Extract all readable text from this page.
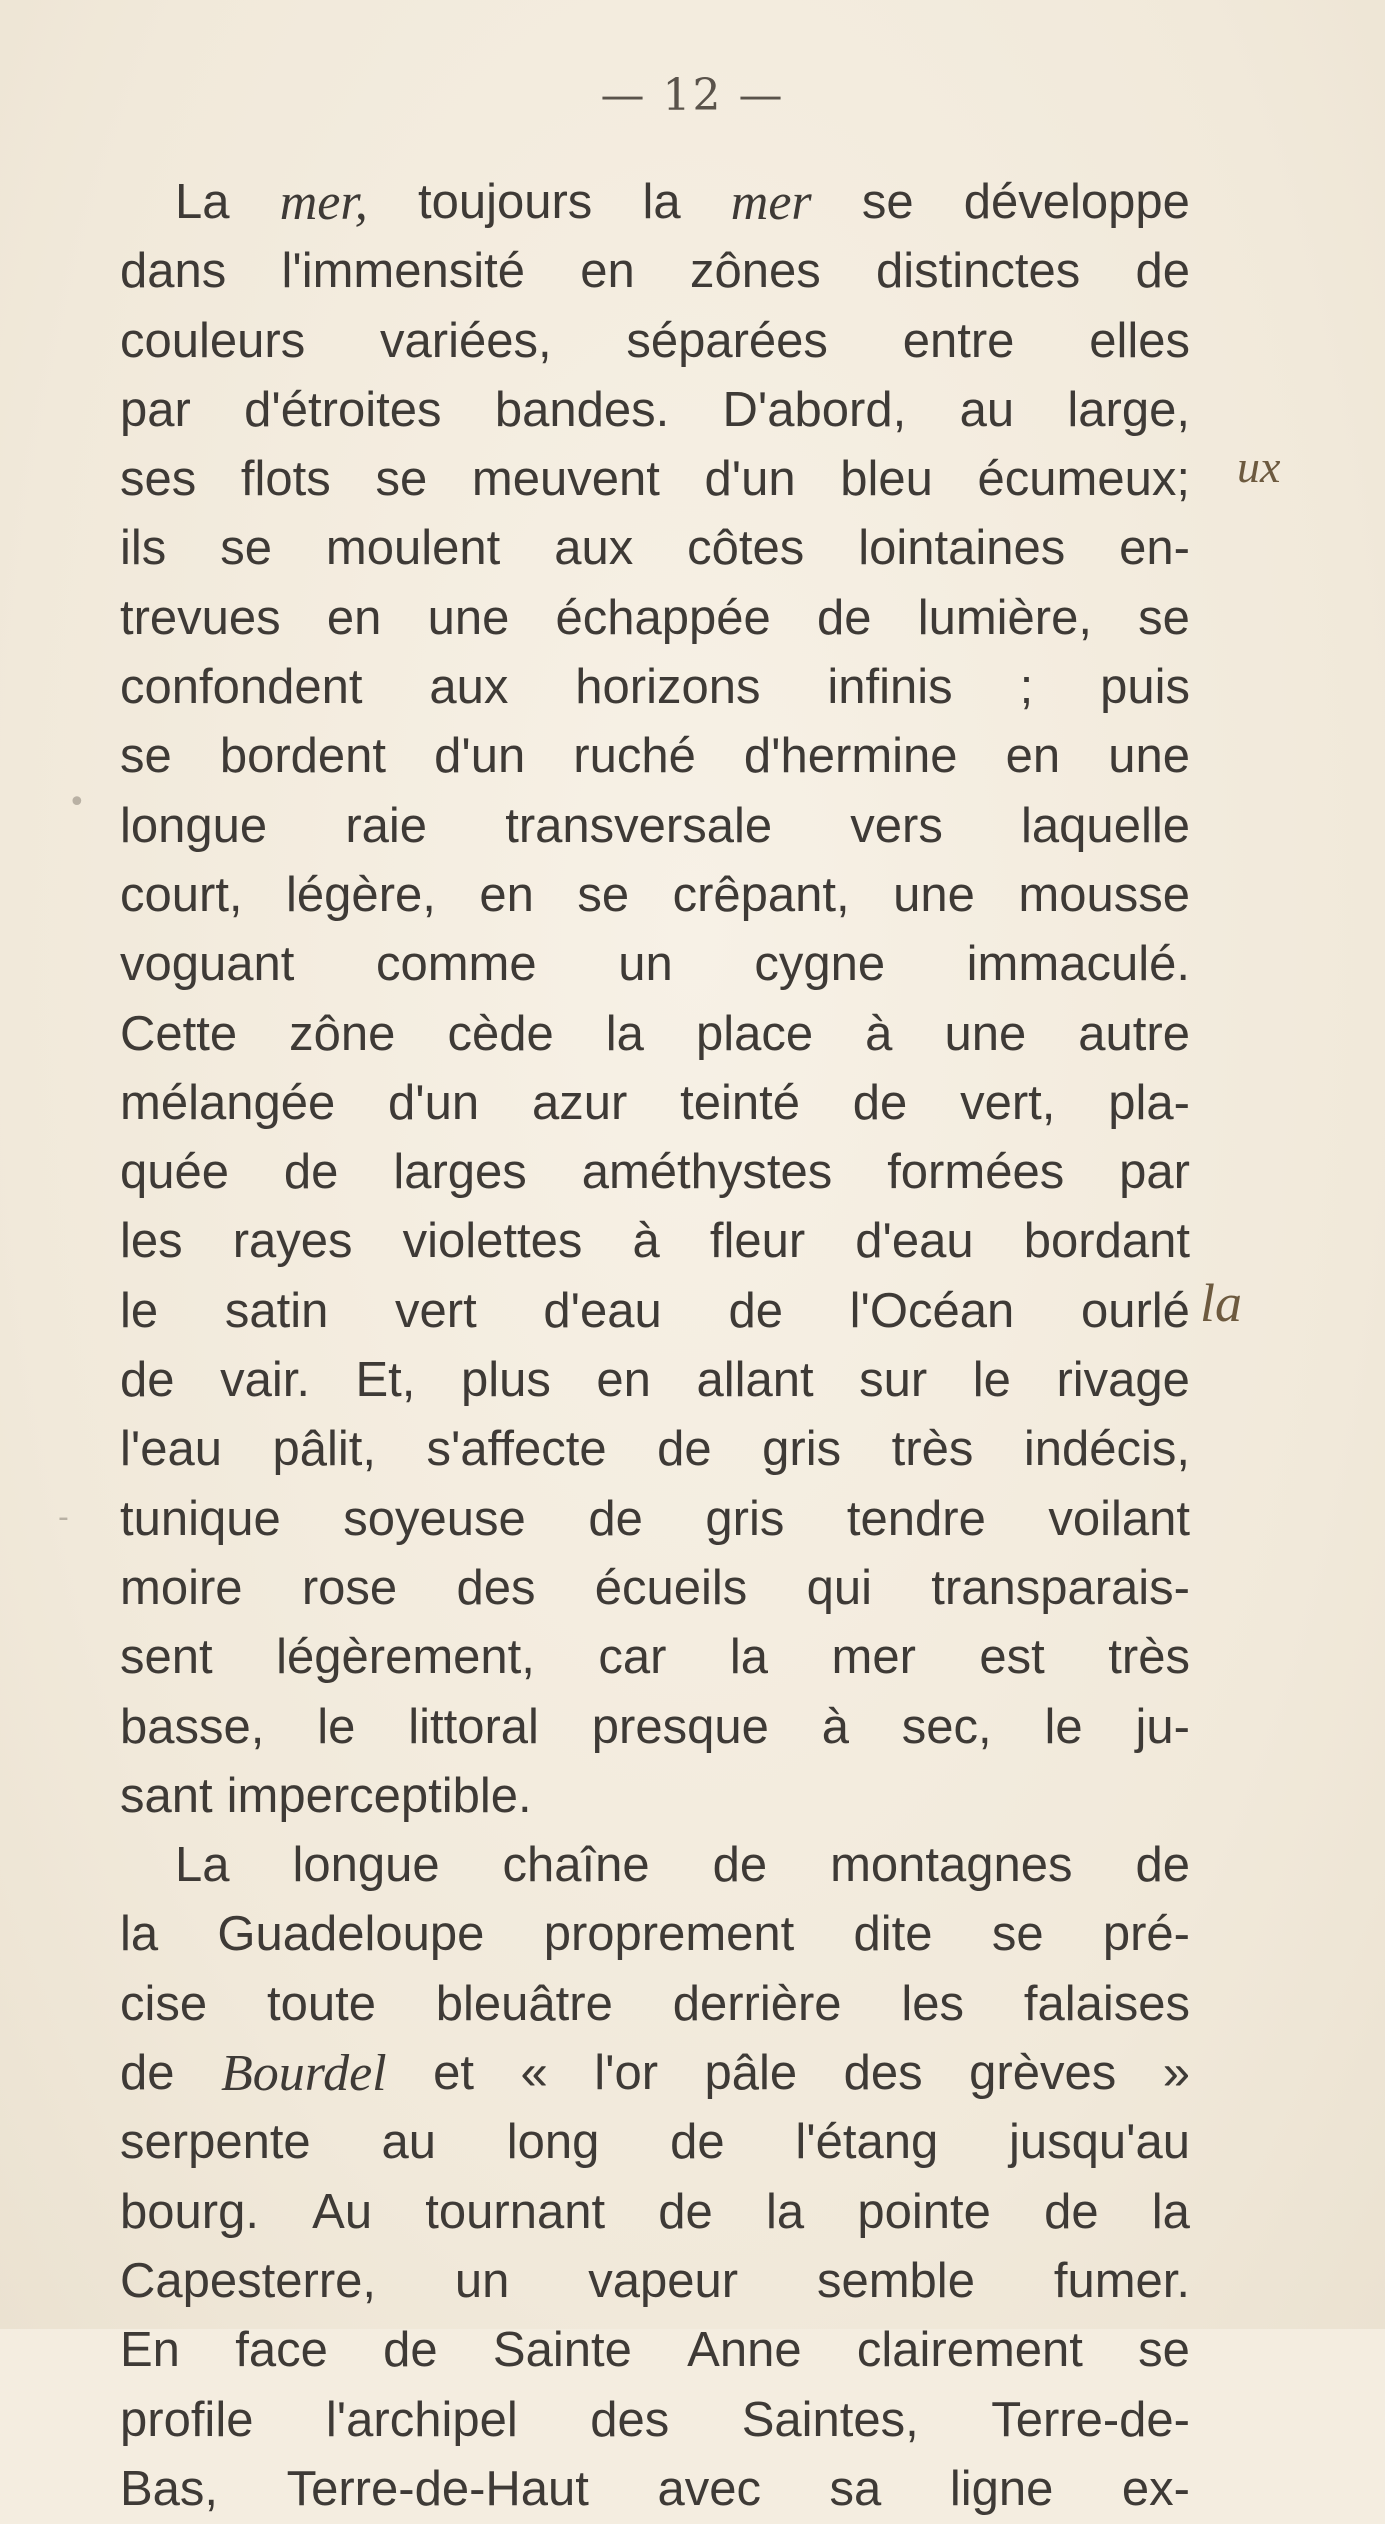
— 12 —
La mer, toujours la mer se développe
dans l'immensité en zônes distinctes de
couleurs variées, séparées entre elles
par d'étroites bandes. D'abord, au large,
ses flots se meuvent d'un bleu écumeux;
ils se moulent aux côtes lointaines en-
trevues en une échappée de lumière, se
confondent aux horizons infinis ; puis
se bordent d'un ruché d'hermine en une
longue raie transversale vers laquelle
court, légère, en se crêpant, une mousse
voguant comme un cygne immaculé.
Cette zône cède la place à une autre
mélangée d'un azur teinté de vert, pla-
quée de larges améthystes formées par
les rayes violettes à fleur d'eau bordant
le satin vert d'eau de l'Océan ourlé
de vair. Et, plus en allant sur le rivage
l'eau pâlit, s'affecte de gris très indécis,
tunique soyeuse de gris tendre voilant
moire rose des écueils qui transparais-
sent légèrement, car la mer est très
basse, le littoral presque à sec, le ju-
sant imperceptible.
La longue chaîne de montagnes de
la Guadeloupe proprement dite se pré-
cise toute bleuâtre derrière les falaises
de Bourdel et « l'or pâle des grèves »
serpente au long de l'étang jusqu'au
bourg. Au tournant de la pointe de la
Capesterre, un vapeur semble fumer.
En face de Sainte Anne clairement se
profile l'archipel des Saintes, Terre-de-
Bas, Terre-de-Haut avec sa ligne ex-
ux
la
•
-
